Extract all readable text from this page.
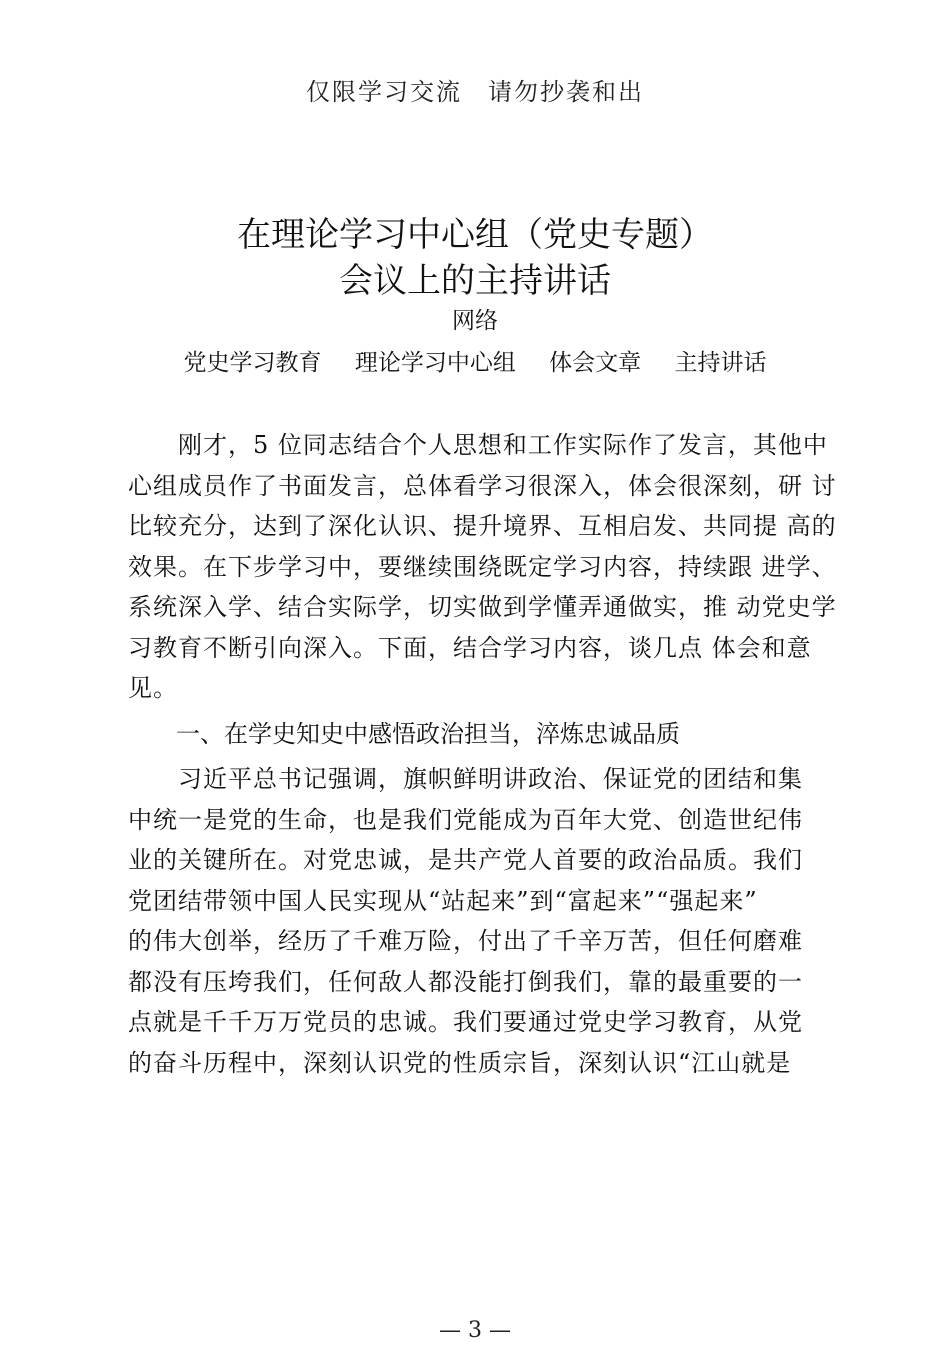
仅限学习交流　请勿抄袭和出
在理论学习中心组（党史专题）
会议上的主持讲话
网络
党史学习教育 理论学习中心组 体会文章 主持讲话
　　刚才，5 位同志结合个人思想和工作实际作了发言，其他中
心组成员作了书面发言，总体看学习很深入，体会很深刻，研 讨
比较充分，达到了深化认识、提升境界、互相启发、共同提 高的
效果。在下步学习中，要继续围绕既定学习内容，持续跟 进学、
系统深入学、结合实际学，切实做到学懂弄通做实，推 动党史学
习教育不断引向深入。下面，结合学习内容，谈几点 体会和意
见。
一、在学史知史中感悟政治担当，淬炼忠诚品质
　　习近平总书记强调，旗帜鲜明讲政治、保证党的团结和集
中统一是党的生命，也是我们党能成为百年大党、创造世纪伟
业的关键所在。对党忠诚，是共产党人首要的政治品质。我们
党团结带领中国人民实现从“站起来”到“富起来”“强起来”
的伟大创举，经历了千难万险，付出了千辛万苦，但任何磨难
都没有压垮我们，任何敌人都没能打倒我们，靠的最重要的一
点就是千千万万党员的忠诚。我们要通过党史学习教育，从党
的奋斗历程中，深刻认识党的性质宗旨，深刻认识“江山就是
— 3 —
